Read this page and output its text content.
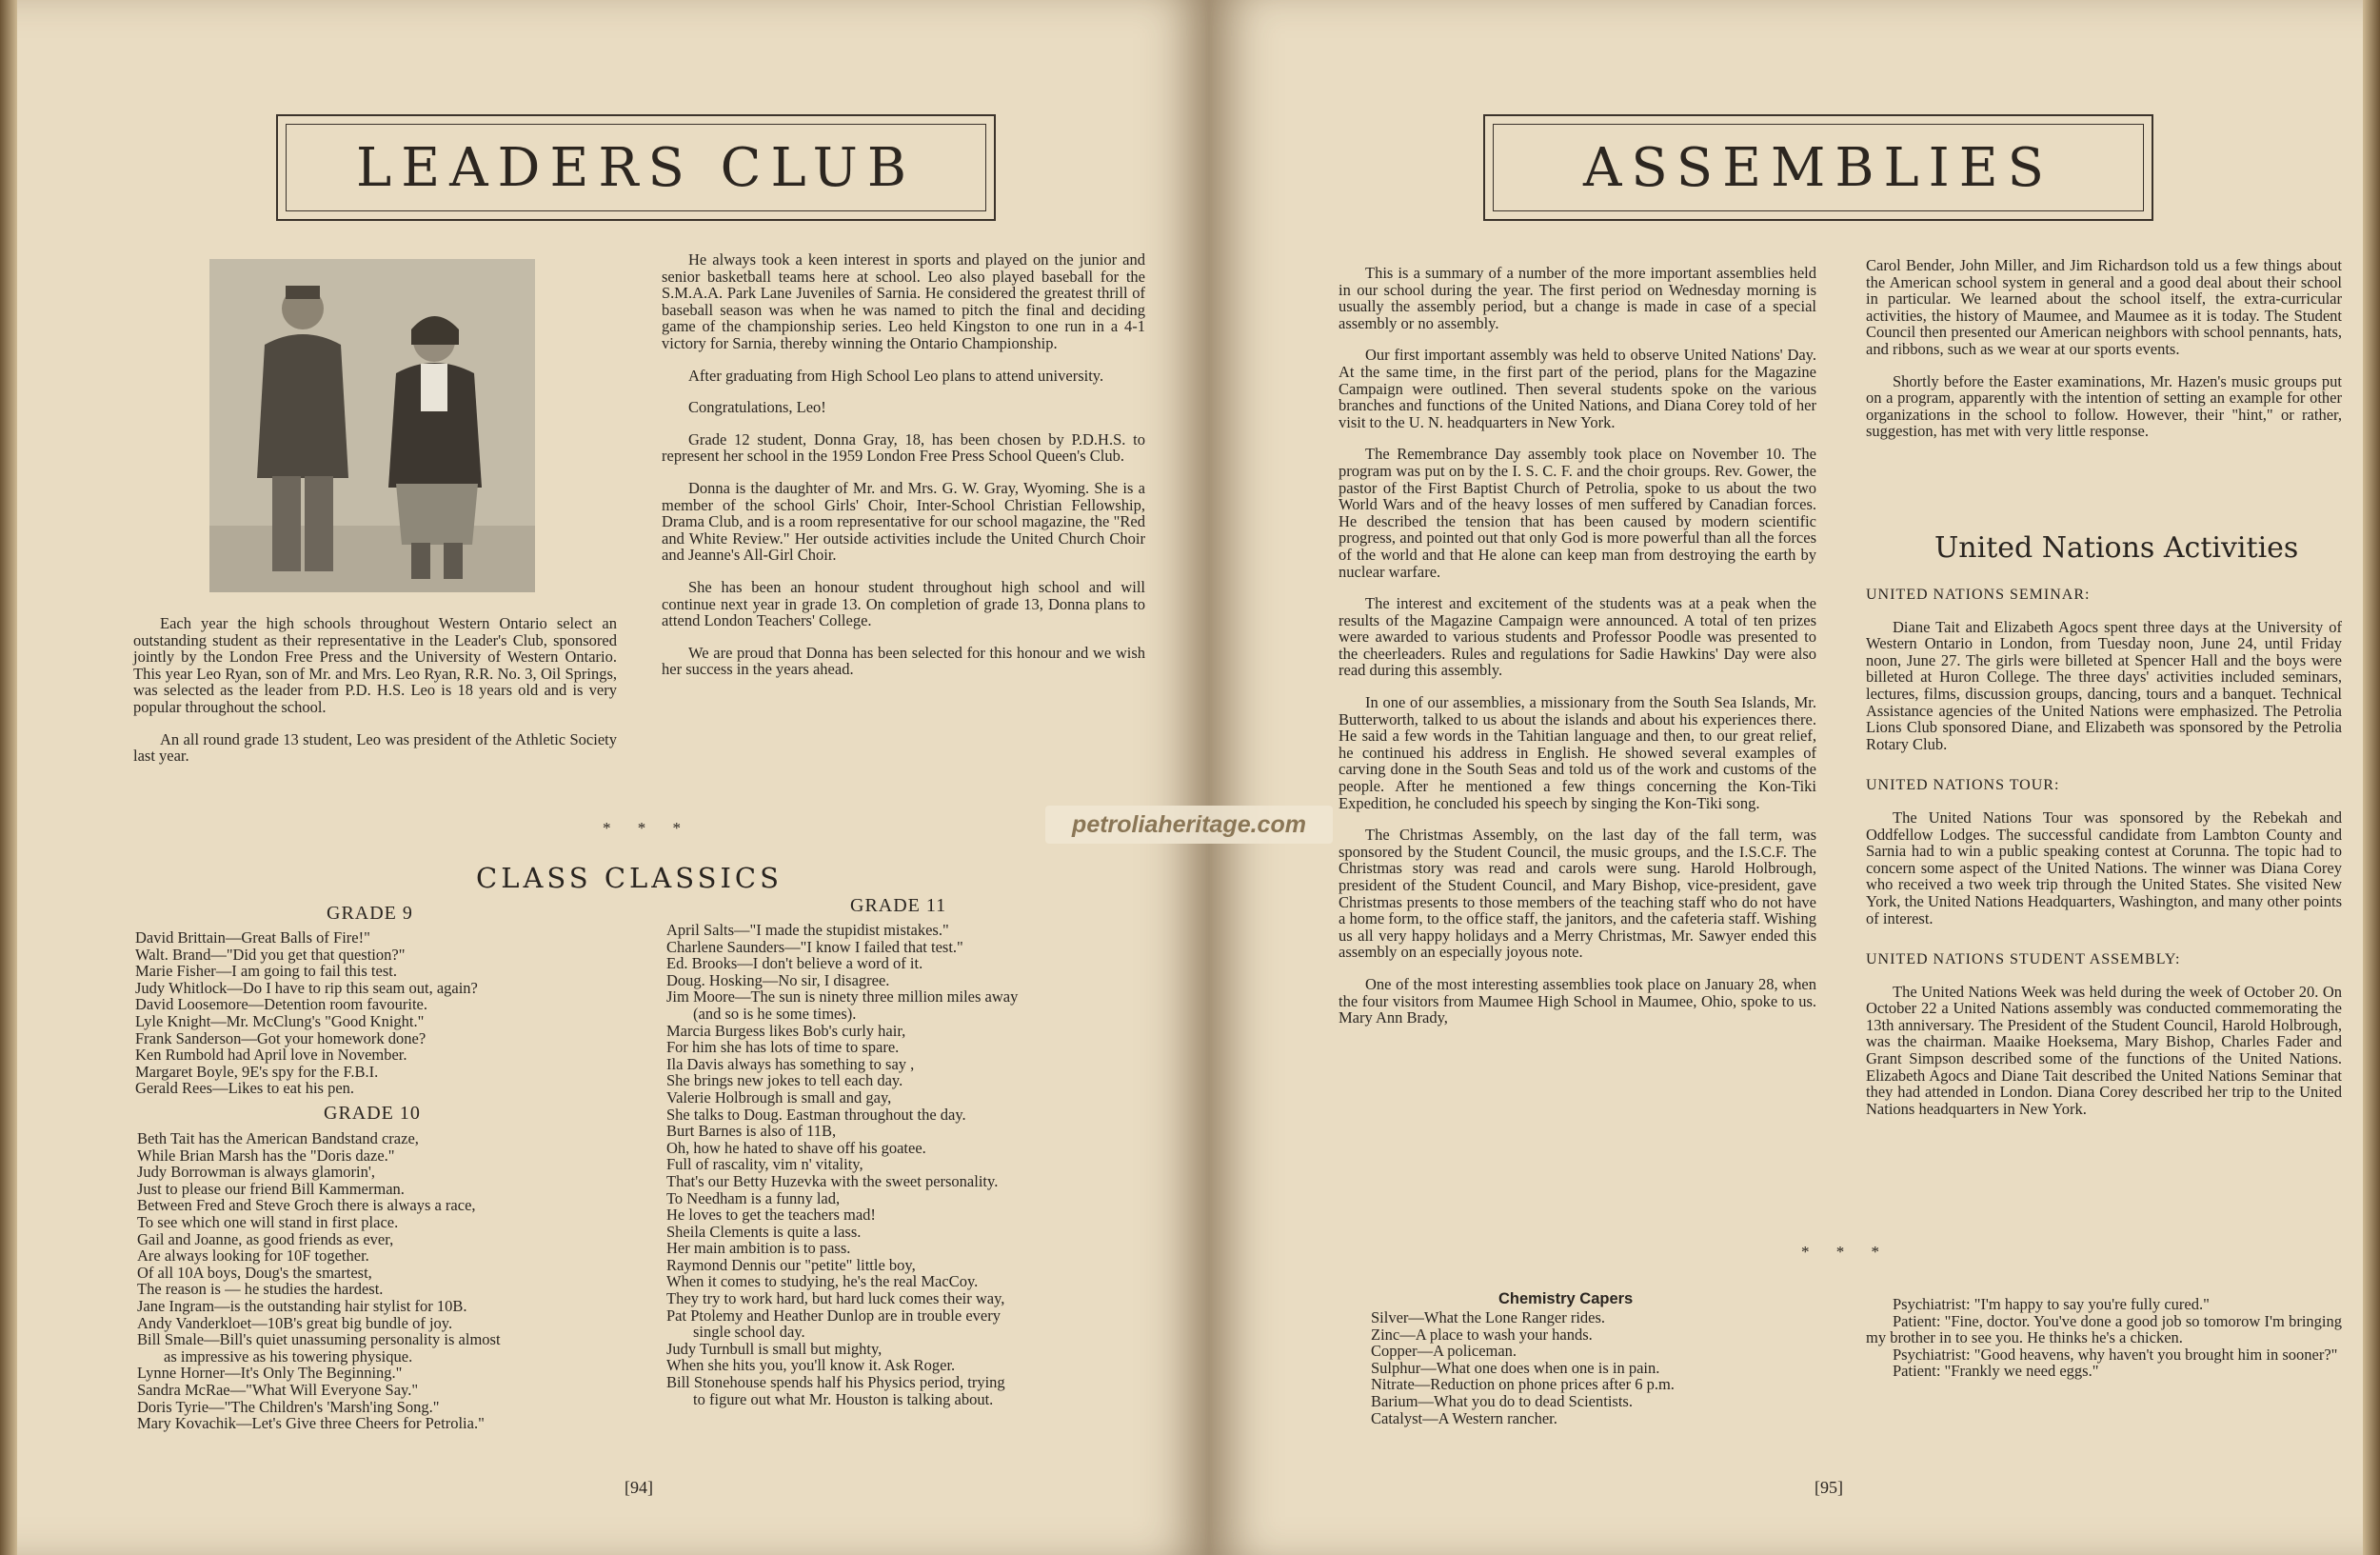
LEADERS CLUB

Each year the high schools throughout Western Ontario select an outstanding student as their representative in the Leader's Club, sponsored jointly by the London Free Press and the University of Western Ontario. This year Leo Ryan, son of Mr. and Mrs. Leo Ryan, R.R. No. 3, Oil Springs, was selected as the leader from P.D. H.S. Leo is 18 years old and is very popular throughout the school.

An all round grade 13 student, Leo was president of the Athletic Society last year.

He always took a keen interest in sports and played on the junior and senior basketball teams here at school. Leo also played baseball for the S.M.A.A. Park Lane Juveniles of Sarnia. He considered the greatest thrill of baseball season was when he was named to pitch the final and deciding game of the championship series. Leo held Kingston to one run in a 4-1 victory for Sarnia, thereby winning the Ontario Championship.

After graduating from High School Leo plans to attend university.

Congratulations, Leo!

Grade 12 student, Donna Gray, 18, has been chosen by P.D.H.S. to represent her school in the 1959 London Free Press School Queen's Club.

Donna is the daughter of Mr. and Mrs. G. W. Gray, Wyoming. She is a member of the school Girls' Choir, Inter-School Christian Fellowship, Drama Club, and is a room representative for our school magazine, the "Red and White Review." Her outside activities include the United Church Choir and Jeanne's All-Girl Choir.

She has been an honour student throughout high school and will continue next year in grade 13. On completion of grade 13, Donna plans to attend London Teachers' College.

We are proud that Donna has been selected for this honour and we wish her success in the years ahead.

* * *
CLASS CLASSICS
GRADE 9
David Brittain—Great Balls of Fire!"
Walt. Brand—"Did you get that question?"
Marie Fisher—I am going to fail this test.
Judy Whitlock—Do I have to rip this seam out, again?
David Loosemore—Detention room favourite.
Lyle Knight—Mr. McClung's "Good Knight."
Frank Sanderson—Got your homework done?
Ken Rumbold had April love in November.
Margaret Boyle, 9E's spy for the F.B.I.
Gerald Rees—Likes to eat his pen.
GRADE 10
Beth Tait has the American Bandstand craze,
While Brian Marsh has the "Doris daze."
Judy Borrowman is always glamorin',
Just to please our friend Bill Kammerman.
Between Fred and Steve Groch there is always a race,
To see which one will stand in first place.
Gail and Joanne, as good friends as ever,
Are always looking for 10F together.
Of all 10A boys, Doug's the smartest,
The reason is — he studies the hardest.
Jane Ingram—is the outstanding hair stylist for 10B.
Andy Vanderkloet—10B's great big bundle of joy.
Bill Smale—Bill's quiet unassuming personality is almost
as impressive as his towering physique.
Lynne Horner—It's Only The Beginning."
Sandra McRae—"What Will Everyone Say."
Doris Tyrie—"The Children's 'Marsh'ing Song."
Mary Kovachik—Let's Give three Cheers for Petrolia."
GRADE 11
April Salts—"I made the stupidist mistakes."
Charlene Saunders—"I know I failed that test."
Ed. Brooks—I don't believe a word of it.
Doug. Hosking—No sir, I disagree.
Jim Moore—The sun is ninety three million miles away
(and so is he some times).
Marcia Burgess likes Bob's curly hair,
For him she has lots of time to spare.
Ila Davis always has something to say ,
She brings new jokes to tell each day.
Valerie Holbrough is small and gay,
She talks to Doug. Eastman throughout the day.
Burt Barnes is also of 11B,
Oh, how he hated to shave off his goatee.
Full of rascality, vim n' vitality,
That's our Betty Huzevka with the sweet personality.
To Needham is a funny lad,
He loves to get the teachers mad!
Sheila Clements is quite a lass.
Her main ambition is to pass.
Raymond Dennis our "petite" little boy,
When it comes to studying, he's the real MacCoy.
They try to work hard, but hard luck comes their way,
Pat Ptolemy and Heather Dunlop are in trouble every
single school day.
Judy Turnbull is small but mighty,
When she hits you, you'll know it. Ask Roger.
Bill Stonehouse spends half his Physics period, trying
to figure out what Mr. Houston is talking about.
[94]
ASSEMBLIES

This is a summary of a number of the more important assemblies held in our school during the year. The first period on Wednesday morning is usually the assembly period, but a change is made in case of a special assembly or no assembly.

Our first important assembly was held to observe United Nations' Day. At the same time, in the first part of the period, plans for the Magazine Campaign were outlined. Then several students spoke on the various branches and functions of the United Nations, and Diana Corey told of her visit to the U. N. headquarters in New York.

The Remembrance Day assembly took place on November 10. The program was put on by the I. S. C. F. and the choir groups. Rev. Gower, the pastor of the First Baptist Church of Petrolia, spoke to us about the two World Wars and of the heavy losses of men suffered by Canadian forces. He described the tension that has been caused by modern scientific progress, and pointed out that only God is more powerful than all the forces of the world and that He alone can keep man from destroying the earth by nuclear warfare.

The interest and excitement of the students was at a peak when the results of the Magazine Campaign were announced. A total of ten prizes were awarded to various students and Professor Poodle was presented to the cheerleaders. Rules and regulations for Sadie Hawkins' Day were also read during this assembly.

In one of our assemblies, a missionary from the South Sea Islands, Mr. Butterworth, talked to us about the islands and about his experiences there. He said a few words in the Tahitian language and then, to our great relief, he continued his address in English. He showed several examples of carving done in the South Seas and told us of the work and customs of the people. After he mentioned a few things concerning the Kon-Tiki Expedition, he concluded his speech by singing the Kon-Tiki song.

The Christmas Assembly, on the last day of the fall term, was sponsored by the Student Council, the music groups, and the I.S.C.F. The Christmas story was read and carols were sung. Harold Holbrough, president of the Student Council, and Mary Bishop, vice-president, gave Christmas presents to those members of the teaching staff who do not have a home form, to the office staff, the janitors, and the cafeteria staff. Wishing us all very happy holidays and a Merry Christmas, Mr. Sawyer ended this assembly on an especially joyous note.

One of the most interesting assemblies took place on January 28, when the four visitors from Maumee High School in Maumee, Ohio, spoke to us. Mary Ann Brady,

Carol Bender, John Miller, and Jim Richardson told us a few things about the American school system in general and a good deal about their school in particular. We learned about the school itself, the extra-curricular activities, the history of Maumee, and Maumee as it is today. The Student Council then presented our American neighbors with school pennants, hats, and ribbons, such as we wear at our sports events.

Shortly before the Easter examinations, Mr. Hazen's music groups put on a program, apparently with the intention of setting an example for other organizations in the school to follow. However, their "hint," or rather, suggestion, has met with very little response.

United Nations Activities

UNITED NATIONS SEMINAR:

Diane Tait and Elizabeth Agocs spent three days at the University of Western Ontario in London, from Tuesday noon, June 24, until Friday noon, June 27. The girls were billeted at Spencer Hall and the boys were billeted at Huron College. The three days' activities included seminars, lectures, films, discussion groups, dancing, tours and a banquet. Technical Assistance agencies of the United Nations were emphasized. The Petrolia Lions Club sponsored Diane, and Elizabeth was sponsored by the Petrolia Rotary Club.

UNITED NATIONS TOUR:

The United Nations Tour was sponsored by the Rebekah and Oddfellow Lodges. The successful candidate from Lambton County and Sarnia had to win a public speaking contest at Corunna. The topic had to concern some aspect of the United Nations. The winner was Diana Corey who received a two week trip through the United States. She visited New York, the United Nations Headquarters, Washington, and many other points of interest.

UNITED NATIONS STUDENT ASSEMBLY:

The United Nations Week was held during the week of October 20. On October 22 a United Nations assembly was conducted commemorating the 13th anniversary. The President of the Student Council, Harold Holbrough, was the chairman. Maaike Hoeksema, Mary Bishop, Charles Fader and Grant Simpson described some of the functions of the United Nations. Elizabeth Agocs and Diane Tait described the United Nations Seminar that they had attended in London. Diana Corey described her trip to the United Nations headquarters in New York.

* * *
Chemistry Capers
Silver—What the Lone Ranger rides.
Zinc—A place to wash your hands.
Copper—A policeman.
Sulphur—What one does when one is in pain.
Nitrate—Reduction on phone prices after 6 p.m.
Barium—What you do to dead Scientists.
Catalyst—A Western rancher.

Psychiatrist: "I'm happy to say you're fully cured."

Patient: "Fine, doctor. You've done a good job so tomorow I'm bringing my brother in to see you. He thinks he's a chicken.

Psychiatrist: "Good heavens, why haven't you brought him in sooner?"

Patient: "Frankly we need eggs."

[95]
petroliaheritage.com
